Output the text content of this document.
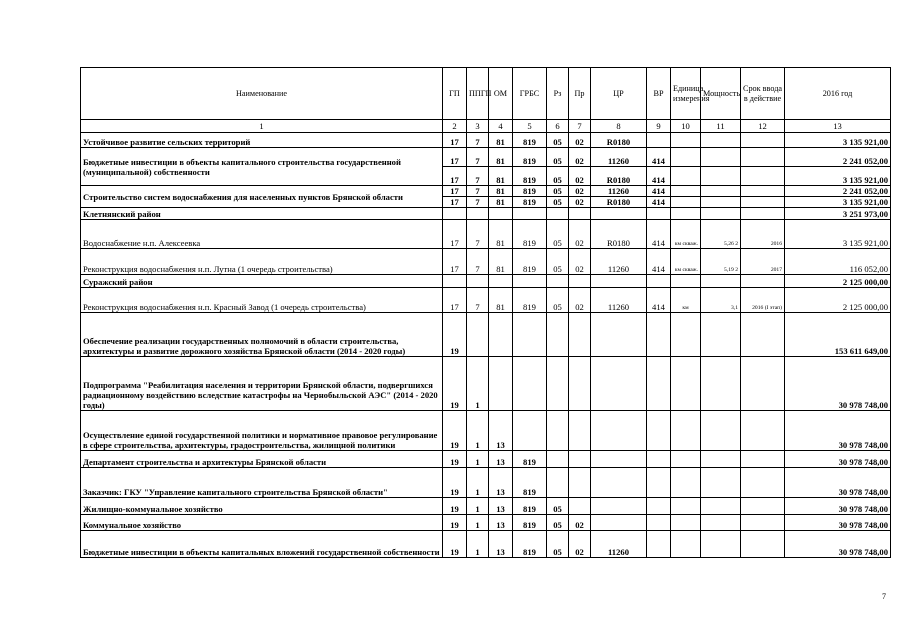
Наименование	ГП	ППГП	ОМ	ГРБС	Рз	Пр	ЦР	ВР	Единица измерения	Мощность	Срок ввода в действие	2016 год
1	2	3	4	5	6	7	8	9	10	11	12	13
Устойчивое развитие сельских территорий	17	7	81	819	05	02	R0180					3 135 921,00
Бюджетные инвестиции в объекты капитального строительства государственной (муниципальной) собственности	17	7	81	819	05	02	11260	414				2 241 052,00
	17	7	81	819	05	02	R0180	414				3 135 921,00
Строительство систем водоснабжения для населенных пунктов Брянской области	17	7	81	819	05	02	11260	414				2 241 052,00
	17	7	81	819	05	02	R0180	414				3 135 921,00
Клетнянский район												3 251 973,00
Водоснабжение н.п. Алексеевка	17	7	81	819	05	02	R0180	414	км скваж.	5,26 2	2016	3 135 921,00
Реконструкция водоснабжения н.п. Лутна (1 очередь строительства)	17	7	81	819	05	02	11260	414	км скваж.	5,19 2	2017	116 052,00
Суражский район												2 125 000,00
Реконструкция водоснабжения н.п. Красный Завод (1 очередь строительства)	17	7	81	819	05	02	11260	414	км	3,1	2016 (I этап)	2 125 000,00
Обеспечение реализации государственных полномочий в области строительства, архитектуры и развитие дорожного хозяйства Брянской области (2014 - 2020 годы)	19											153 611 649,00
Подпрограмма "Реабилитация населения и территории Брянской области, подвергшихся радиационному воздействию вследствие катастрофы на Чернобыльской АЭС" (2014 - 2020 годы)	19	1										30 978 748,00
Осуществление единой государственной политики и нормативное правовое регулирование в сфере строительства, архитектуры, градостроительства, жилищной политики	19	1	13									30 978 748,00
Департамент строительства и архитектуры Брянской области	19	1	13	819								30 978 748,00
Заказчик: ГКУ "Управление капитального строительства Брянской области"	19	1	13	819								30 978 748,00
Жилищно-коммунальное хозяйство	19	1	13	819	05							30 978 748,00
Коммунальное хозяйство	19	1	13	819	05	02						30 978 748,00
Бюджетные инвестиции в объекты капитальных вложений государственной собственности	19	1	13	819	05	02	11260					30 978 748,00
7
